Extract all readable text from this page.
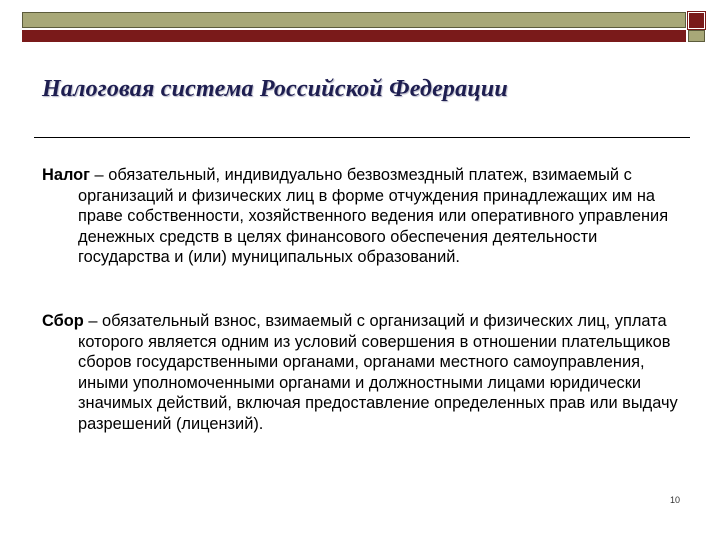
Налоговая система Российской Федерации

Налог – обязательный, индивидуально безвозмездный платеж, взимаемый с организаций и физических лиц в форме отчуждения принадлежащих им на праве собственности, хозяйственного ведения или оперативного управления денежных средств в целях финансового обеспечения деятельности государства и (или) муниципальных образований.

Сбор – обязательный взнос, взимаемый с организаций и физических лиц, уплата которого является одним из условий совершения в отношении плательщиков сборов государственными органами, органами местного самоуправления, иными уполномоченными органами и должностными лицами юридически значимых действий, включая предоставление определенных прав или выдачу разрешений (лицензий).

10
